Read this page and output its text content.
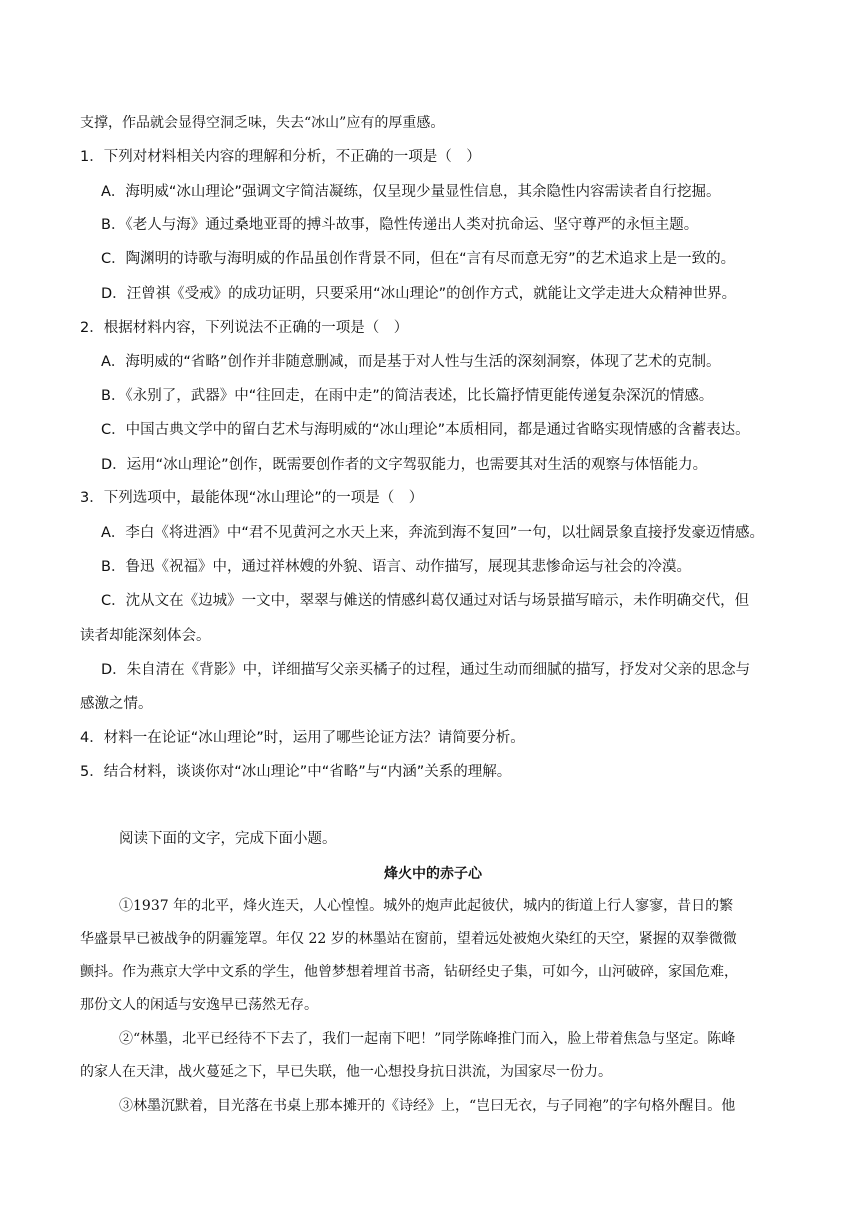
支撑，作品就会显得空洞乏味，失去“冰山”应有的厚重感。

1．下列对材料相关内容的理解和分析，不正确的一项是（　）

A．海明威“冰山理论”强调文字简洁凝练，仅呈现少量显性信息，其余隐性内容需读者自行挖掘。

B．《老人与海》通过桑地亚哥的搏斗故事，隐性传递出人类对抗命运、坚守尊严的永恒主题。

C．陶渊明的诗歌与海明威的作品虽创作背景不同，但在“言有尽而意无穷”的艺术追求上是一致的。

D．汪曾祺《受戒》的成功证明，只要采用“冰山理论”的创作方式，就能让文学走进大众精神世界。

2．根据材料内容，下列说法不正确的一项是（　）

A．海明威的“省略”创作并非随意删减，而是基于对人性与生活的深刻洞察，体现了艺术的克制。

B．《永别了，武器》中“往回走，在雨中走”的简洁表述，比长篇抒情更能传递复杂深沉的情感。

C．中国古典文学中的留白艺术与海明威的“冰山理论”本质相同，都是通过省略实现情感的含蓄表达。

D．运用“冰山理论”创作，既需要创作者的文字驾驭能力，也需要其对生活的观察与体悟能力。

3．下列选项中，最能体现“冰山理论”的一项是（　）

A．李白《将进酒》中“君不见黄河之水天上来，奔流到海不复回”一句，以壮阔景象直接抒发豪迈情感。

B．鲁迅《祝福》中，通过祥林嫂的外貌、语言、动作描写，展现其悲惨命运与社会的冷漠。

C．沈从文在《边城》一文中，翠翠与傩送的情感纠葛仅通过对话与场景描写暗示，未作明确交代，但

读者却能深刻体会。

D．朱自清在《背影》中，详细描写父亲买橘子的过程，通过生动而细腻的描写，抒发对父亲的思念与

感激之情。

4．材料一在论证“冰山理论”时，运用了哪些论证方法？请简要分析。

5．结合材料，谈谈你对“冰山理论”中“省略”与“内涵”关系的理解。

阅读下面的文字，完成下面小题。

烽火中的赤子心

①1937 年的北平，烽火连天，人心惶惶。城外的炮声此起彼伏，城内的街道上行人寥寥，昔日的繁

华盛景早已被战争的阴霾笼罩。年仅 22 岁的林墨站在窗前，望着远处被炮火染红的天空，紧握的双拳微微

颤抖。作为燕京大学中文系的学生，他曾梦想着埋首书斋，钻研经史子集，可如今，山河破碎，家国危难，

那份文人的闲适与安逸早已荡然无存。

②“林墨，北平已经待不下去了，我们一起南下吧！”同学陈峰推门而入，脸上带着焦急与坚定。陈峰

的家人在天津，战火蔓延之下，早已失联，他一心想投身抗日洪流，为国家尽一份力。

③林墨沉默着，目光落在书桌上那本摊开的《诗经》上，“岂曰无衣，与子同袍”的字句格外醒目。他
